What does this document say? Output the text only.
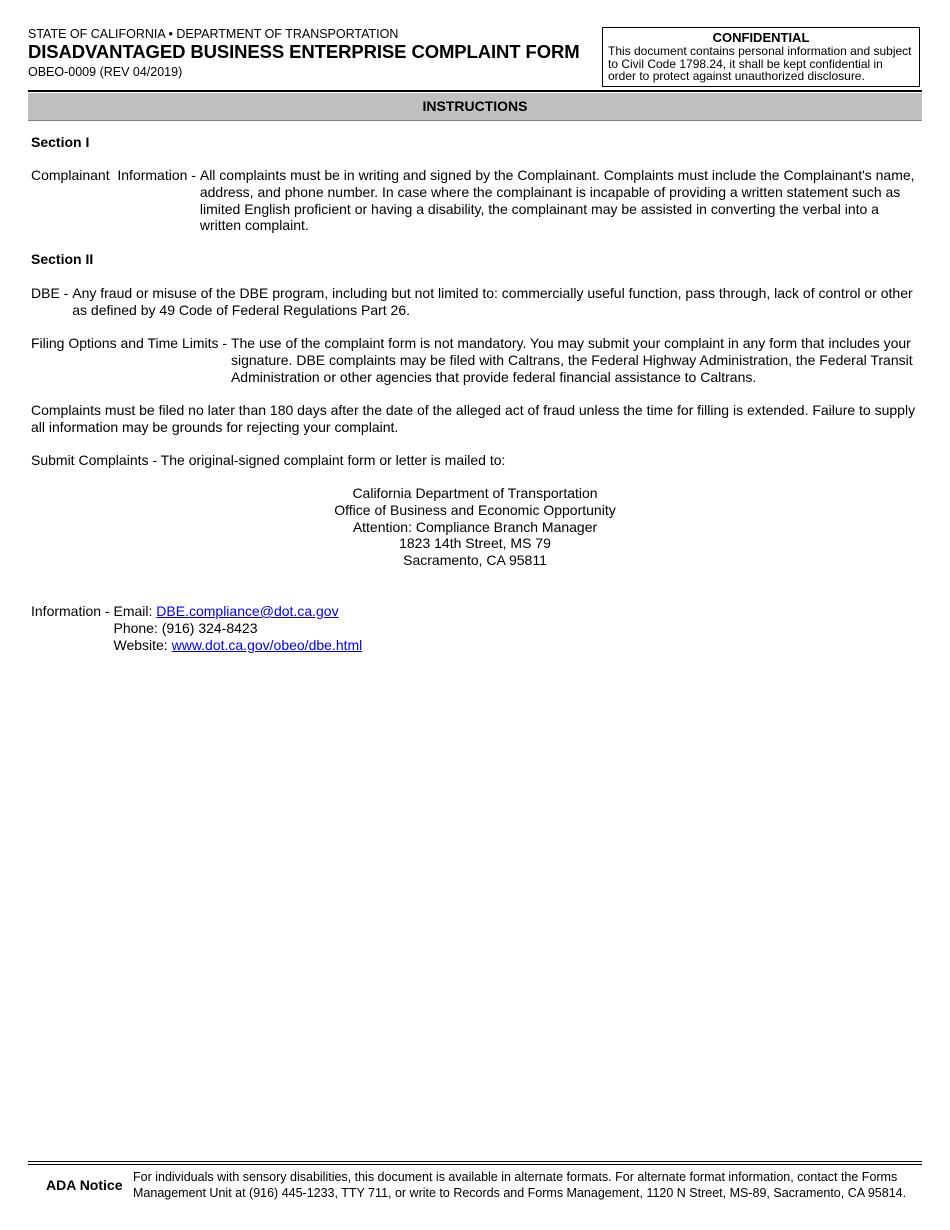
STATE OF CALIFORNIA • DEPARTMENT OF TRANSPORTATION
DISADVANTAGED BUSINESS ENTERPRISE COMPLAINT FORM
OBEO-0009 (REV 04/2019)
CONFIDENTIAL
This document contains personal information and subject to Civil Code 1798.24, it shall be kept confidential in order to protect against unauthorized disclosure.
INSTRUCTIONS
Section I
Complainant  Information - All complaints must be in writing and signed by the Complainant. Complaints must include the Complainant's name, address, and phone number. In case where the complainant is incapable of providing a written statement such as limited English proficient or having a disability, the complainant may be assisted in converting the verbal into a written complaint.
Section II
DBE - Any fraud or misuse of the DBE program, including but not limited to: commercially useful function, pass through, lack of control or other as defined by 49 Code of Federal Regulations Part 26.
Filing Options and Time Limits - The use of the complaint form is not mandatory. You may submit your complaint in any form that includes your signature. DBE complaints may be filed with Caltrans, the Federal Highway Administration, the Federal Transit Administration or other agencies that provide federal financial assistance to Caltrans.
Complaints must be filed no later than 180 days after the date of the alleged act of fraud unless the time for filling is extended. Failure to supply all information may be grounds for rejecting your complaint.
Submit Complaints - The original-signed complaint form or letter is mailed to:
California Department of Transportation
Office of Business and Economic Opportunity
Attention: Compliance Branch Manager
1823 14th Street, MS 79
Sacramento, CA 95811
Information - Email: DBE.compliance@dot.ca.gov
Phone: (916) 324-8423
Website: www.dot.ca.gov/obeo/dbe.html
ADA Notice For individuals with sensory disabilities, this document is available in alternate formats. For alternate format information, contact the Forms Management Unit at (916) 445-1233, TTY 711, or write to Records and Forms Management, 1120 N Street, MS-89, Sacramento, CA 95814.
